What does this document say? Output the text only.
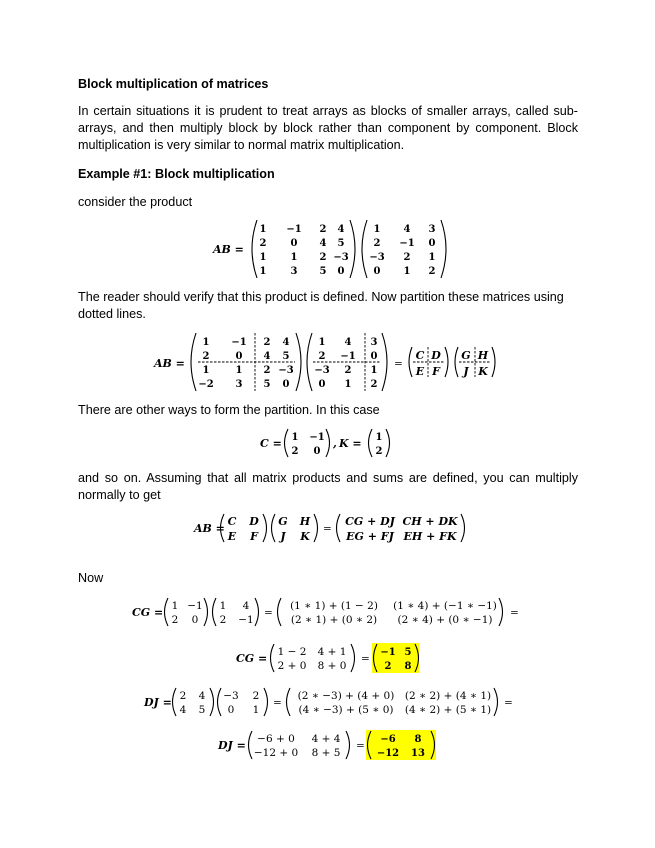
Block multiplication of matrices
In certain situations it is prudent to treat arrays as blocks of smaller arrays, called sub-arrays, and then multiply block by block rather than component by component. Block multiplication is very similar to normal matrix multiplication.
Example #1: Block multiplication
consider the product
AB =
1 −1 2 4
2 0 4 5
1 1 2 −3
1 3 5 0
1 4 3
2 −1 0
−3 2 1
0 1 2
The reader should verify that this product is defined. Now partition these matrices using dotted lines.
AB =
1 −1 2 4
2	0 4 5
1	1 2 −3
−2 3 5 0
1 4 3
2 −1 0
−3 2 1
0 1 2
=
C D
E F
G H
J K
There are other ways to form the partition. In this case
C = 1 −1
2 0
, K = 1
2
and so on. Assuming that all matrix products and sums are defined, you can multiply normally to get
AB =
C D
E F
G H
J K
=
CG + DJ CH + DK
EG + FJ EH + FK
Now
CG = 1 −1
2 0
1 4
2 −1
=
(1 ∗ 1) + (1 − 2) (1 ∗ 4) + (−1 ∗ −1)
(2 ∗ 1) + (0 ∗ 2) (2 ∗ 4) + (0 ∗ −1)
=
CG = 1 − 2 4 + 1
2 + 0 8 + 0
=
−1 5
2 8
DJ = 2 4
4 5
−3 2
0 1
=
(2 ∗ −3) + (4 + 0) (2 ∗ 2) + (4 ∗ 1)
(4 ∗ −3) + (5 ∗ 0) (4 ∗ 2) + (5 ∗ 1)
=
DJ = −6 + 0 4 + 4
−12 + 0 8 + 5
=
−6 8
−12 13
